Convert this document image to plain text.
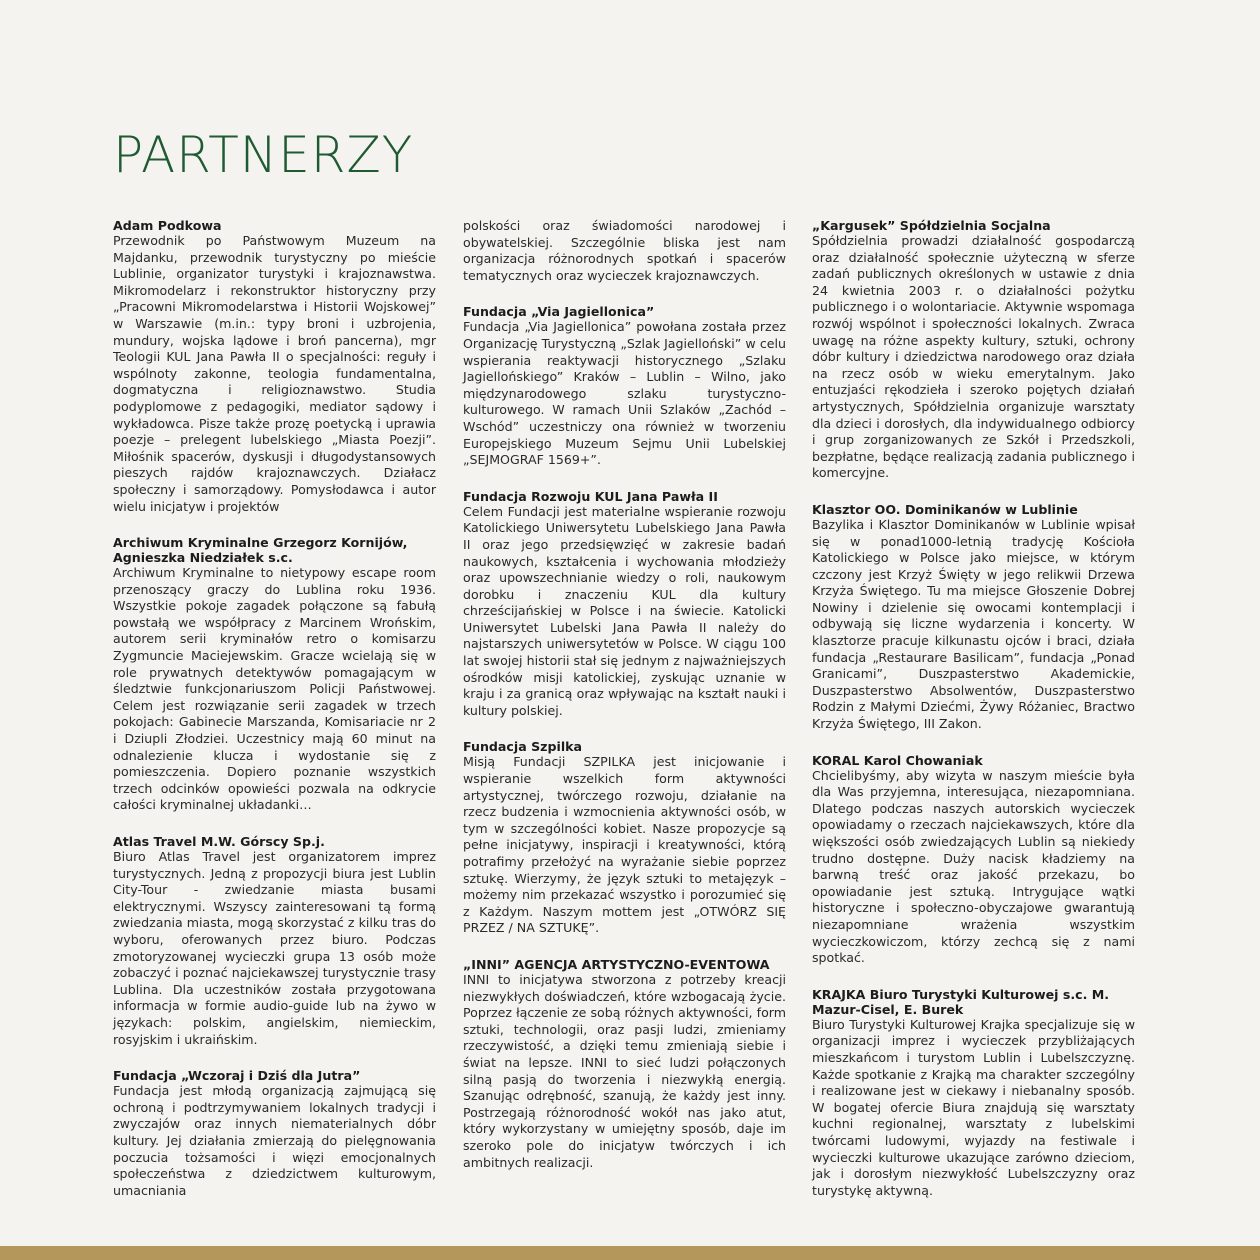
PARTNERZY
Adam Podkowa
Przewodnik po Państwowym Muzeum na Majdanku, przewodnik turystyczny po mieście Lublinie, organizator turystyki i krajoznawstwa. Mikromodelarz i rekonstruktor historyczny przy „Pracowni Mikromodelarstwa i Historii Wojskowej” w Warszawie (m.in.: typy broni i uzbrojenia, mundury, wojska lądowe i broń pancerna), mgr Teologii KUL Jana Pawła II o specjalności: reguły i wspólnoty zakonne, teologia fundamentalna, dogmatyczna i religioznawstwo. Studia podyplomowe z pedagogiki, mediator sądowy i wykładowca. Pisze także prozę poetycką i uprawia poezje – prelegent lubelskiego „Miasta Poezji”. Miłośnik spacerów, dyskusji i długodystansowych pieszych rajdów krajoznawczych. Działacz społeczny i samorządowy. Pomysłodawca i autor wielu inicjatyw i projektów
Archiwum Kryminalne Grzegorz Kornijów, Agnieszka Niedziałek s.c.
Archiwum Kryminalne to nietypowy escape room przenoszący graczy do Lublina roku 1936. Wszystkie pokoje zagadek połączone są fabułą powstałą we współpracy z Marcinem Wrońskim, autorem serii kryminałów retro o komisarzu Zygmuncie Maciejewskim. Gracze wcielają się w role prywatnych detektywów pomagającym w śledztwie funkcjonariuszom Policji Państwowej. Celem jest rozwiązanie serii zagadek w trzech pokojach: Gabinecie Marszanda, Komisariacie nr 2 i Dziupli Złodziei. Uczestnicy mają 60 minut na odnalezienie klucza i wydostanie się z pomieszczenia. Dopiero poznanie wszystkich trzech odcinków opowieści pozwala na odkrycie całości kryminalnej układanki…
Atlas Travel M.W. Górscy Sp.j.
Biuro Atlas Travel jest organizatorem imprez turystycznych. Jedną z propozycji biura jest Lublin City-Tour - zwiedzanie miasta busami elektrycznymi. Wszyscy zainteresowani tą formą zwiedzania miasta, mogą skorzystać z kilku tras do wyboru, oferowanych przez biuro. Podczas zmotoryzowanej wycieczki grupa 13 osób może zobaczyć i poznać najciekawszej turystycznie trasy Lublina. Dla uczestników została przygotowana informacja w formie audio-guide lub na żywo w językach: polskim, angielskim, niemieckim, rosyjskim i ukraińskim.
Fundacja „Wczoraj i Dziś dla Jutra”
Fundacja jest młodą organizacją zajmującą się ochroną i podtrzymywaniem lokalnych tradycji i zwyczajów oraz innych niematerialnych dóbr kultury. Jej działania zmierzają do pielęgnowania poczucia tożsamości i więzi emocjonalnych społeczeństwa z dziedzictwem kulturowym, umacniania
polskości oraz świadomości narodowej i obywatelskiej. Szczególnie bliska jest nam organizacja różnorodnych spotkań i spacerów tematycznych oraz wycieczek krajoznawczych.
Fundacja „Via Jagiellonica”
Fundacja „Via Jagiellonica” powołana została przez Organizację Turystyczną „Szlak Jagielloński” w celu wspierania reaktywacji historycznego „Szlaku Jagiellońskiego” Kraków – Lublin – Wilno, jako międzynarodowego szlaku turystyczno-kulturowego. W ramach Unii Szlaków „Zachód – Wschód” uczestniczy ona również w tworzeniu Europejskiego Muzeum Sejmu Unii Lubelskiej „SEJMOGRAF 1569+”.
Fundacja Rozwoju KUL Jana Pawła II
Celem Fundacji jest materialne wspieranie rozwoju Katolickiego Uniwersytetu Lubelskiego Jana Pawła II oraz jego przedsięwzięć w zakresie badań naukowych, kształcenia i wychowania młodzieży oraz upowszechnianie wiedzy o roli, naukowym dorobku i znaczeniu KUL dla kultury chrześcijańskiej w Polsce i na świecie. Katolicki Uniwersytet Lubelski Jana Pawła II należy do najstarszych uniwersytetów w Polsce. W ciągu 100 lat swojej historii stał się jednym z najważniejszych ośrodków misji katolickiej, zyskując uznanie w kraju i za granicą oraz wpływając na kształt nauki i kultury polskiej.
Fundacja Szpilka
Misją Fundacji SZPILKA jest inicjowanie i wspieranie wszelkich form aktywności artystycznej, twórczego rozwoju, działanie na rzecz budzenia i wzmocnienia aktywności osób, w tym w szczególności kobiet. Nasze propozycje są pełne inicjatywy, inspiracji i kreatywności, którą potrafimy przełożyć na wyrażanie siebie poprzez sztukę. Wierzymy, że język sztuki to metajęzyk – możemy nim przekazać wszystko i porozumieć się z Każdym. Naszym mottem jest „OTWÓRZ SIĘ PRZEZ / NA SZTUKĘ”.
„INNI” AGENCJA ARTYSTYCZNO-EVENTOWA
INNI to inicjatywa stworzona z potrzeby kreacji niezwykłych doświadczeń, które wzbogacają życie. Poprzez łączenie ze sobą różnych aktywności, form sztuki, technologii, oraz pasji ludzi, zmieniamy rzeczywistość, a dzięki temu zmieniają siebie i świat na lepsze. INNI to sieć ludzi połączonych silną pasją do tworzenia i niezwykłą energią. Szanując odrębność, szanują, że każdy jest inny. Postrzegają różnorodność wokół nas jako atut, który wykorzystany w umiejętny sposób, daje im szeroko pole do inicjatyw twórczych i ich ambitnych realizacji.
„Kargusek” Spółdzielnia Socjalna
Spółdzielnia prowadzi działalność gospodarczą oraz działalność społecznie użyteczną w sferze zadań publicznych określonych w ustawie z dnia 24 kwietnia 2003 r. o działalności pożytku publicznego i o wolontariacie. Aktywnie wspomaga rozwój wspólnot i społeczności lokalnych. Zwraca uwagę na różne aspekty kultury, sztuki, ochrony dóbr kultury i dziedzictwa narodowego oraz działa na rzecz osób w wieku emerytalnym. Jako entuzjaści rękodzieła i szeroko pojętych działań artystycznych, Spółdzielnia organizuje warsztaty dla dzieci i dorosłych, dla indywidualnego odbiorcy i grup zorganizowanych ze Szkół i Przedszkoli, bezpłatne, będące realizacją zadania publicznego i komercyjne.
Klasztor OO. Dominikanów w Lublinie
Bazylika i Klasztor Dominikanów w Lublinie wpisał się w ponad1000-letnią tradycję Kościoła Katolickiego w Polsce jako miejsce, w którym czczony jest Krzyż Święty w jego relikwii Drzewa Krzyża Świętego. Tu ma miejsce Głoszenie Dobrej Nowiny i dzielenie się owocami kontemplacji i odbywają się liczne wydarzenia i koncerty. W klasztorze pracuje kilkunastu ojców i braci, działa fundacja „Restaurare Basilicam”, fundacja „Ponad Granicami”, Duszpasterstwo Akademickie, Duszpasterstwo Absolwentów, Duszpasterstwo Rodzin z Małymi Dziećmi, Żywy Różaniec, Bractwo Krzyża Świętego, III Zakon.
KORAL Karol Chowaniak
Chcielibyśmy, aby wizyta w naszym mieście była dla Was przyjemna, interesująca, niezapomniana. Dlatego podczas naszych autorskich wycieczek opowiadamy o rzeczach najciekawszych, które dla większości osób zwiedzających Lublin są niekiedy trudno dostępne. Duży nacisk kładziemy na barwną treść oraz jakość przekazu, bo opowiadanie jest sztuką. Intrygujące wątki historyczne i społeczno-obyczajowe gwarantują niezapomniane wrażenia wszystkim wycieczkowiczom, którzy zechcą się z nami spotkać.
KRAJKA Biuro Turystyki Kulturowej s.c. M. Mazur-Cisel, E. Burek
Biuro Turystyki Kulturowej Krajka specjalizuje się w organizacji imprez i wycieczek przybliżających mieszkańcom i turystom Lublin i Lubelszczyznę. Każde spotkanie z Krajką ma charakter szczególny i realizowane jest w ciekawy i niebanalny sposób. W bogatej ofercie Biura znajdują się warsztaty kuchni regionalnej, warsztaty z lubelskimi twórcami ludowymi, wyjazdy na festiwale i wycieczki kulturowe ukazujące zarówno dzieciom, jak i dorosłym niezwykłość Lubelszczyzny oraz turystykę aktywną.
